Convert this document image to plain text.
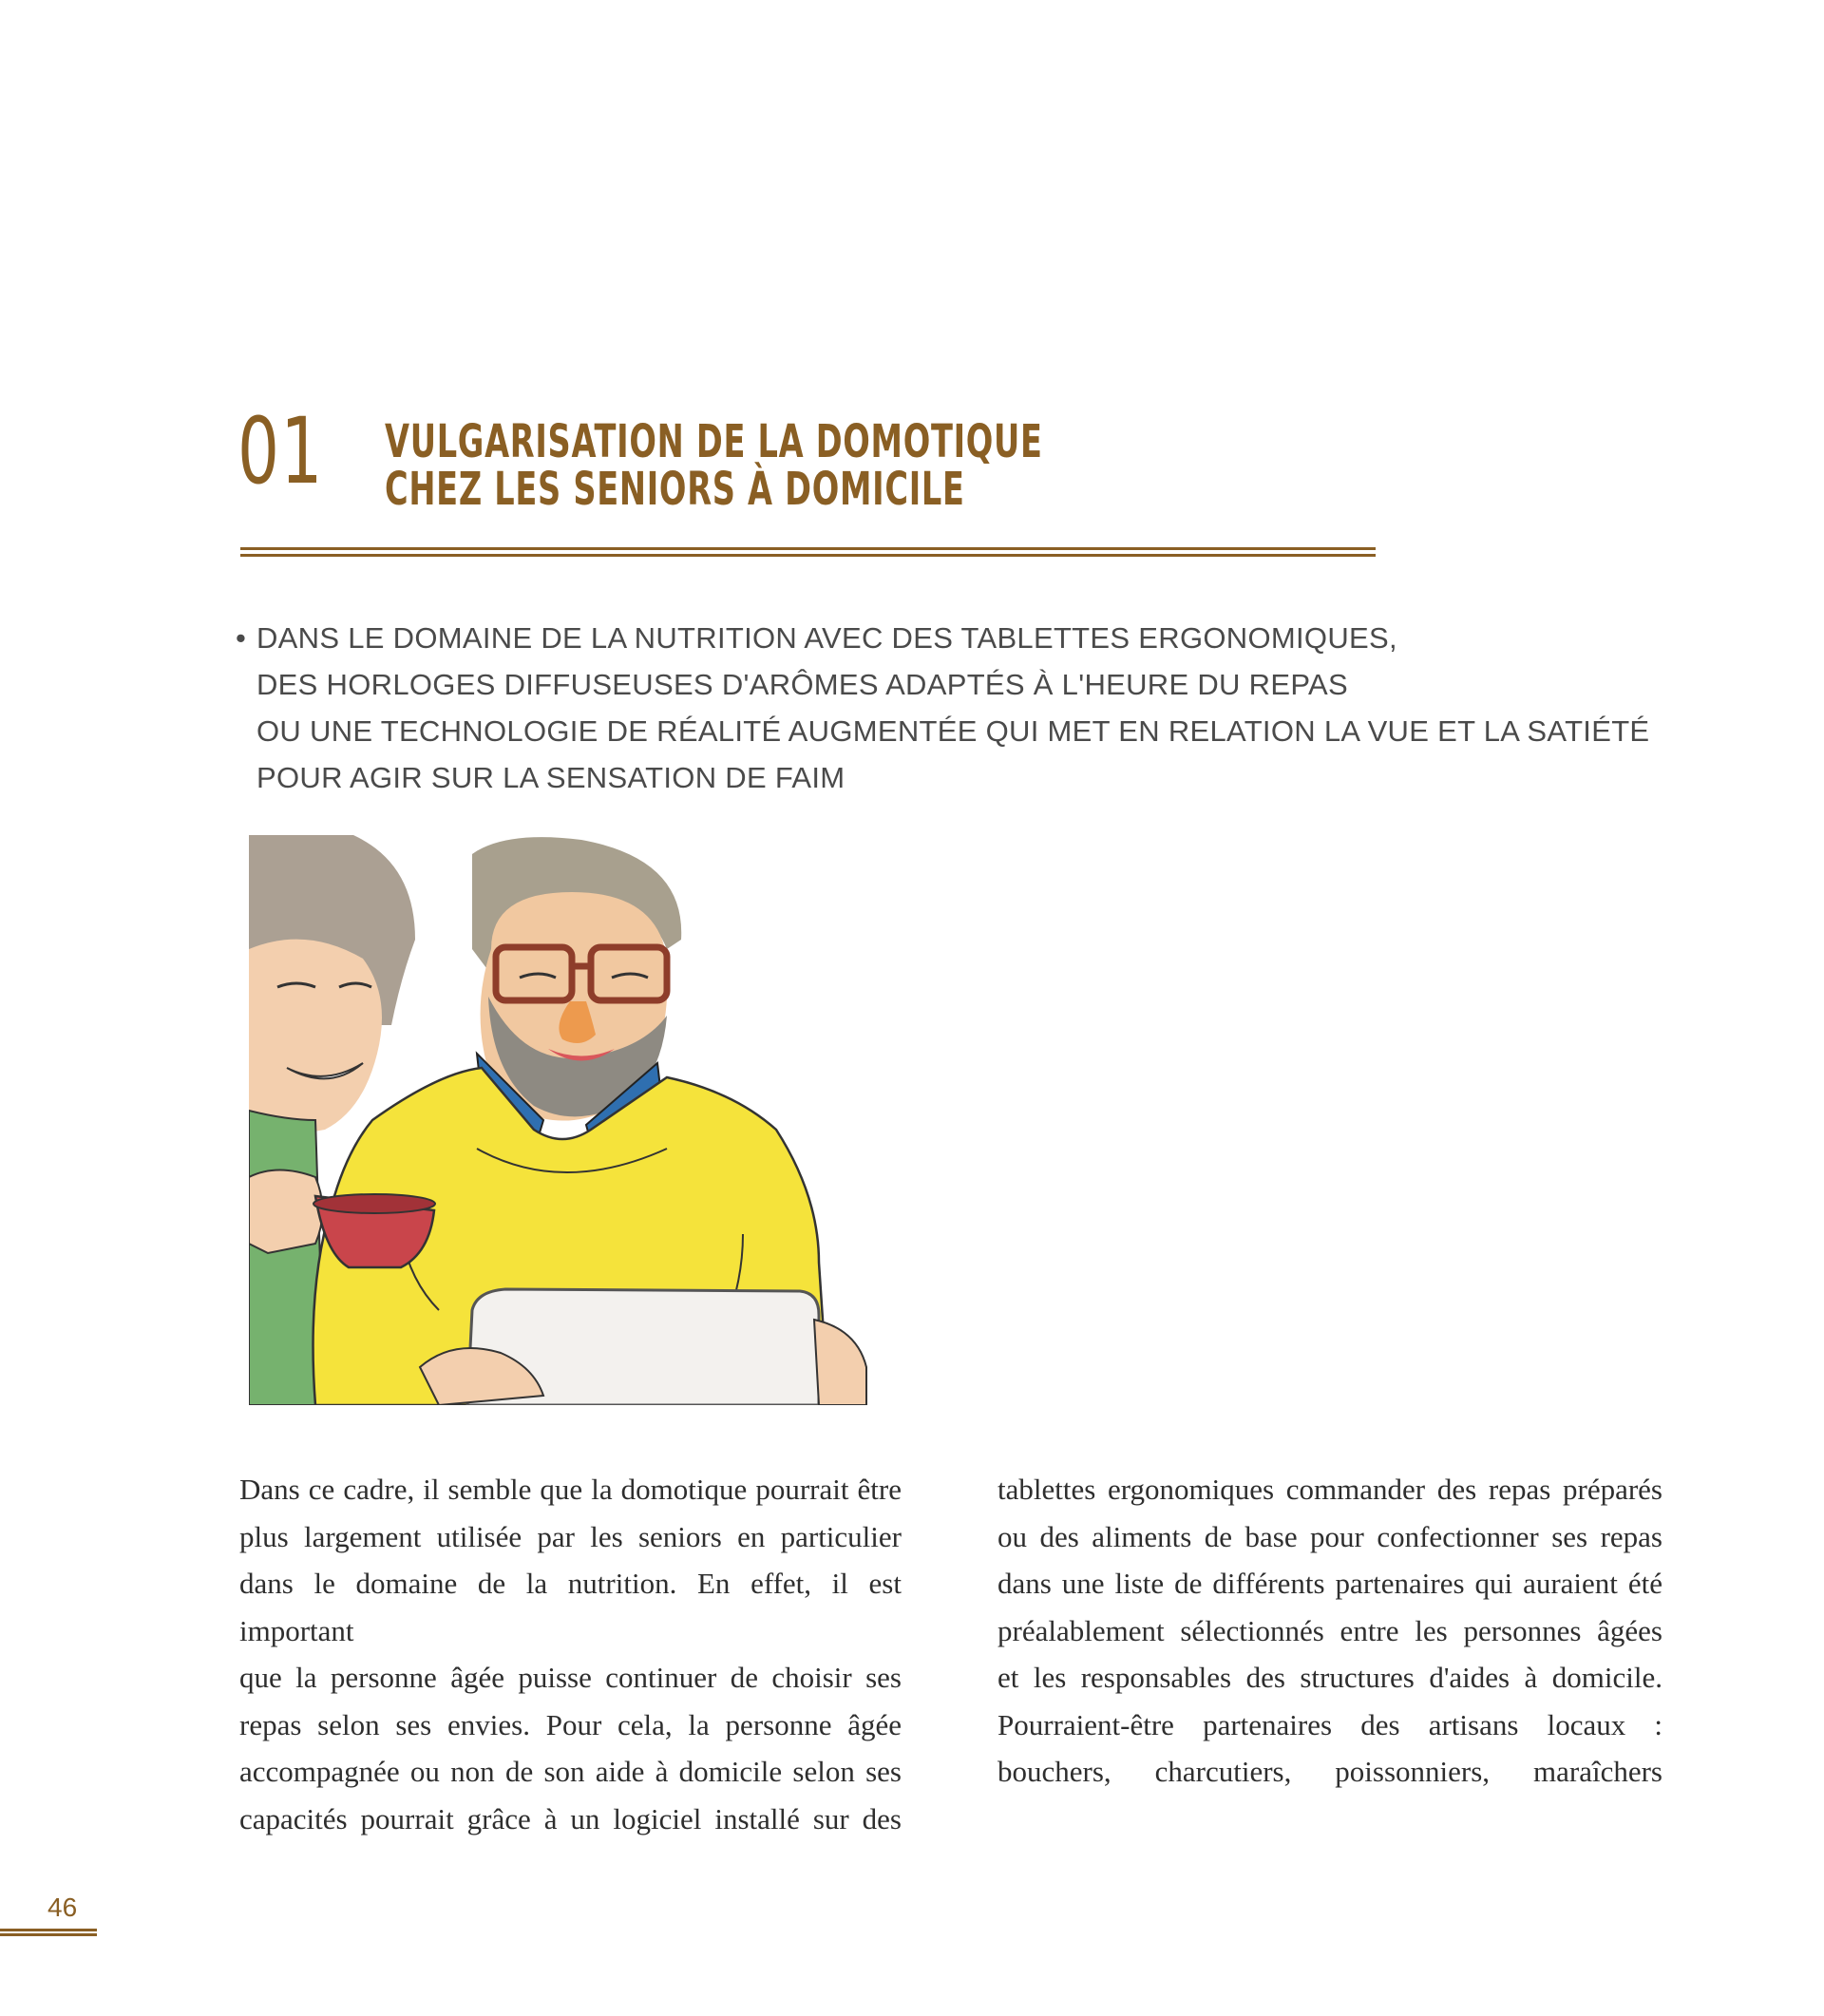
01 VULGARISATION DE LA DOMOTIQUE
CHEZ LES SENIORS À DOMICILE
• DANS LE DOMAINE DE LA NUTRITION AVEC DES TABLETTES ERGONOMIQUES,
DES HORLOGES DIFFUSEUSES D'ARÔMES ADAPTÉS À L'HEURE DU REPAS
OU UNE TECHNOLOGIE DE RÉALITÉ AUGMENTÉE QUI MET EN RELATION LA VUE ET LA SATIÉTÉ
POUR AGIR SUR LA SENSATION DE FAIM
Dans ce cadre, il semble que la domotique pourrait être
plus largement utilisée par les seniors en particulier
dans le domaine de la nutrition. En effet, il est important
que la personne âgée puisse continuer de choisir ses
repas selon ses envies. Pour cela, la personne âgée
accompagnée ou non de son aide à domicile selon ses
capacités pourrait grâce à un logiciel installé sur des
tablettes ergonomiques commander des repas préparés
ou des aliments de base pour confectionner ses repas
dans une liste de différents partenaires qui auraient été
préalablement sélectionnés entre les personnes âgées
et les responsables des structures d'aides à domicile.
Pourraient-être partenaires des artisans locaux :
bouchers, charcutiers, poissonniers, maraîchers
46
